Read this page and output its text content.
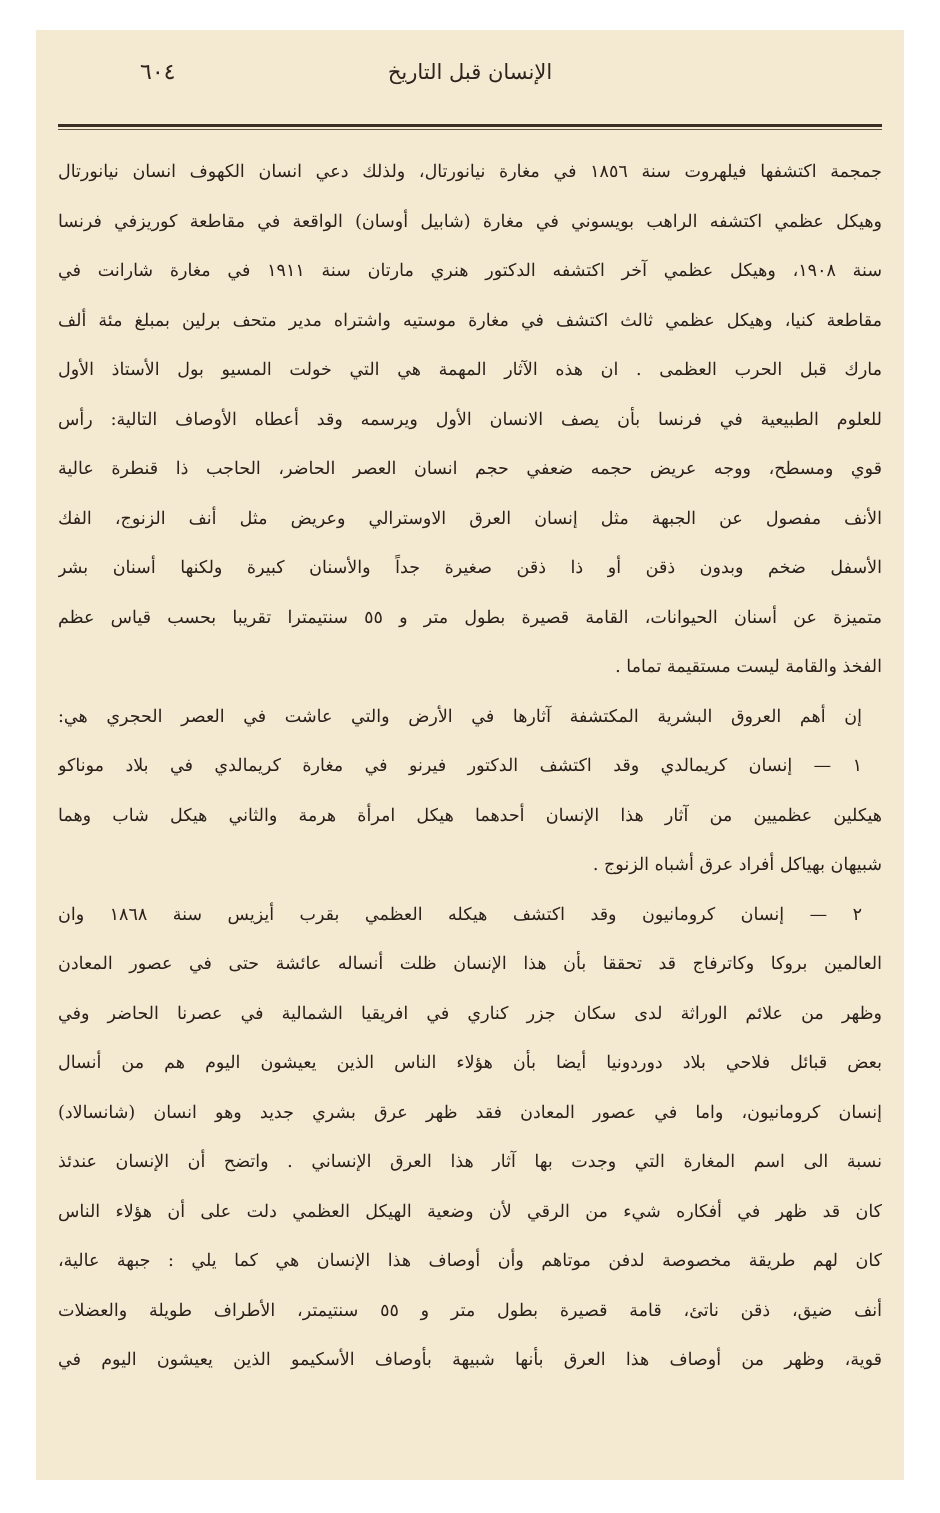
الإنسان قبل التاريخ
٦٠٤
جمجمة اكتشفها فيلهروت سنة ١٨٥٦ في مغارة نيانورتال، ولذلك دعي انسان الكهوف انسان نيانورتال
وهيكل عظمي اكتشفه الراهب بويسوني في مغارة (شابيل أوسان) الواقعة في مقاطعة كوريزفي فرنسا
سنة ١٩٠٨، وهيكل عظمي آخر اكتشفه الدكتور هنري مارتان سنة ١٩١١ في مغارة شارانت في
مقاطعة كنيا، وهيكل عظمي ثالث اكتشف في مغارة موستيه واشتراه مدير متحف برلين بمبلغ مئة ألف
مارك قبل الحرب العظمى . ان هذه الآثار المهمة هي التي خولت المسيو بول الأستاذ الأول
للعلوم الطبيعية في فرنسا بأن يصف الانسان الأول ويرسمه وقد أعطاه الأوصاف التالية: رأس
قوي ومسطح، ووجه عريض حجمه ضعفي حجم انسان العصر الحاضر، الحاجب ذا قنطرة عالية
الأنف مفصول عن الجبهة مثل إنسان العرق الاوسترالي وعريض مثل أنف الزنوج، الفك
الأسفل ضخم وبدون ذقن أو ذا ذقن صغيرة جداً والأسنان كبيرة ولكنها أسنان بشر
متميزة عن أسنان الحيوانات، القامة قصيرة بطول متر و ٥٥ سنتيمترا تقريبا بحسب قياس عظم
الفخذ والقامة ليست مستقيمة تماما .
إن أهم العروق البشرية المكتشفة آثارها في الأرض والتي عاشت في العصر الحجري هي:
١ — إنسان كريمالدي وقد اكتشف الدكتور فيرنو في مغارة كريمالدي في بلاد موناكو
هيكلين عظميين من آثار هذا الإنسان أحدهما هيكل امرأة هرمة والثاني هيكل شاب وهما
شبيهان بهياكل أفراد عرق أشباه الزنوج .
٢ — إنسان كرومانيون وقد اكتشف هيكله العظمي بقرب أيزيس سنة ١٨٦٨ وان
العالمين بروكا وكاترفاج قد تحققا بأن هذا الإنسان ظلت أنساله عائشة حتى في عصور المعادن
وظهر من علائم الوراثة لدى سكان جزر كناري في افريقيا الشمالية في عصرنا الحاضر وفي
بعض قبائل فلاحي بلاد دوردونيا أيضا بأن هؤلاء الناس الذين يعيشون اليوم هم من أنسال
إنسان كرومانيون، واما في عصور المعادن فقد ظهر عرق بشري جديد وهو انسان (شانسالاد)
نسبة الى اسم المغارة التي وجدت بها آثار هذا العرق الإنساني . واتضح أن الإنسان عندئذ
كان قد ظهر في أفكاره شيء من الرقي لأن وضعية الهيكل العظمي دلت على أن هؤلاء الناس
كان لهم طريقة مخصوصة لدفن موتاهم وأن أوصاف هذا الإنسان هي كما يلي : جبهة عالية،
أنف ضيق، ذقن ناتئ، قامة قصيرة بطول متر و ٥٥ سنتيمتر، الأطراف طويلة والعضلات
قوية، وظهر من أوصاف هذا العرق بأنها شبيهة بأوصاف الأسكيمو الذين يعيشون اليوم في
